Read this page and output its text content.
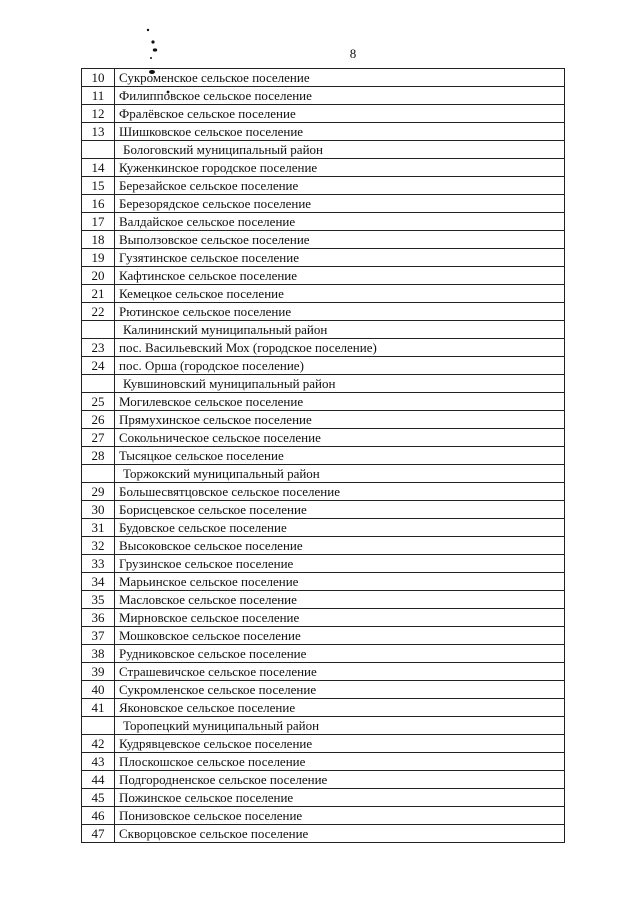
8
10	Сукроменское сельское поселение
11	Филипповское сельское поселение
12	Фралёвское сельское поселение
13	Шишковское сельское поселение
	Бологовский муниципальный район
14	Куженкинское городское поселение
15	Березайское сельское поселение
16	Березорядское сельское поселение
17	Валдайское сельское поселение
18	Выползовское сельское поселение
19	Гузятинское сельское поселение
20	Кафтинское сельское поселение
21	Кемецкое сельское поселение
22	Рютинское сельское поселение
	Калининский муниципальный район
23	пос. Васильевский Мох (городское поселение)
24	пос. Орша (городское поселение)
	Кувшиновский муниципальный район
25	Могилевское сельское поселение
26	Прямухинское сельское поселение
27	Сокольническое сельское поселение
28	Тысяцкое сельское поселение
	Торжокский муниципальный район
29	Большесвятцовское сельское поселение
30	Борисцевское сельское поселение
31	Будовское сельское поселение
32	Высоковское сельское поселение
33	Грузинское сельское поселение
34	Марьинское сельское поселение
35	Масловское сельское поселение
36	Мирновское сельское поселение
37	Мошковское сельское поселение
38	Рудниковское сельское поселение
39	Страшевичское сельское поселение
40	Сукромленское сельское поселение
41	Яконовское сельское поселение
	Торопецкий муниципальный район
42	Кудрявцевское сельское поселение
43	Плоскошское сельское поселение
44	Подгородненское сельское поселение
45	Пожинское сельское поселение
46	Понизовское сельское поселение
47	Скворцовское сельское поселение
